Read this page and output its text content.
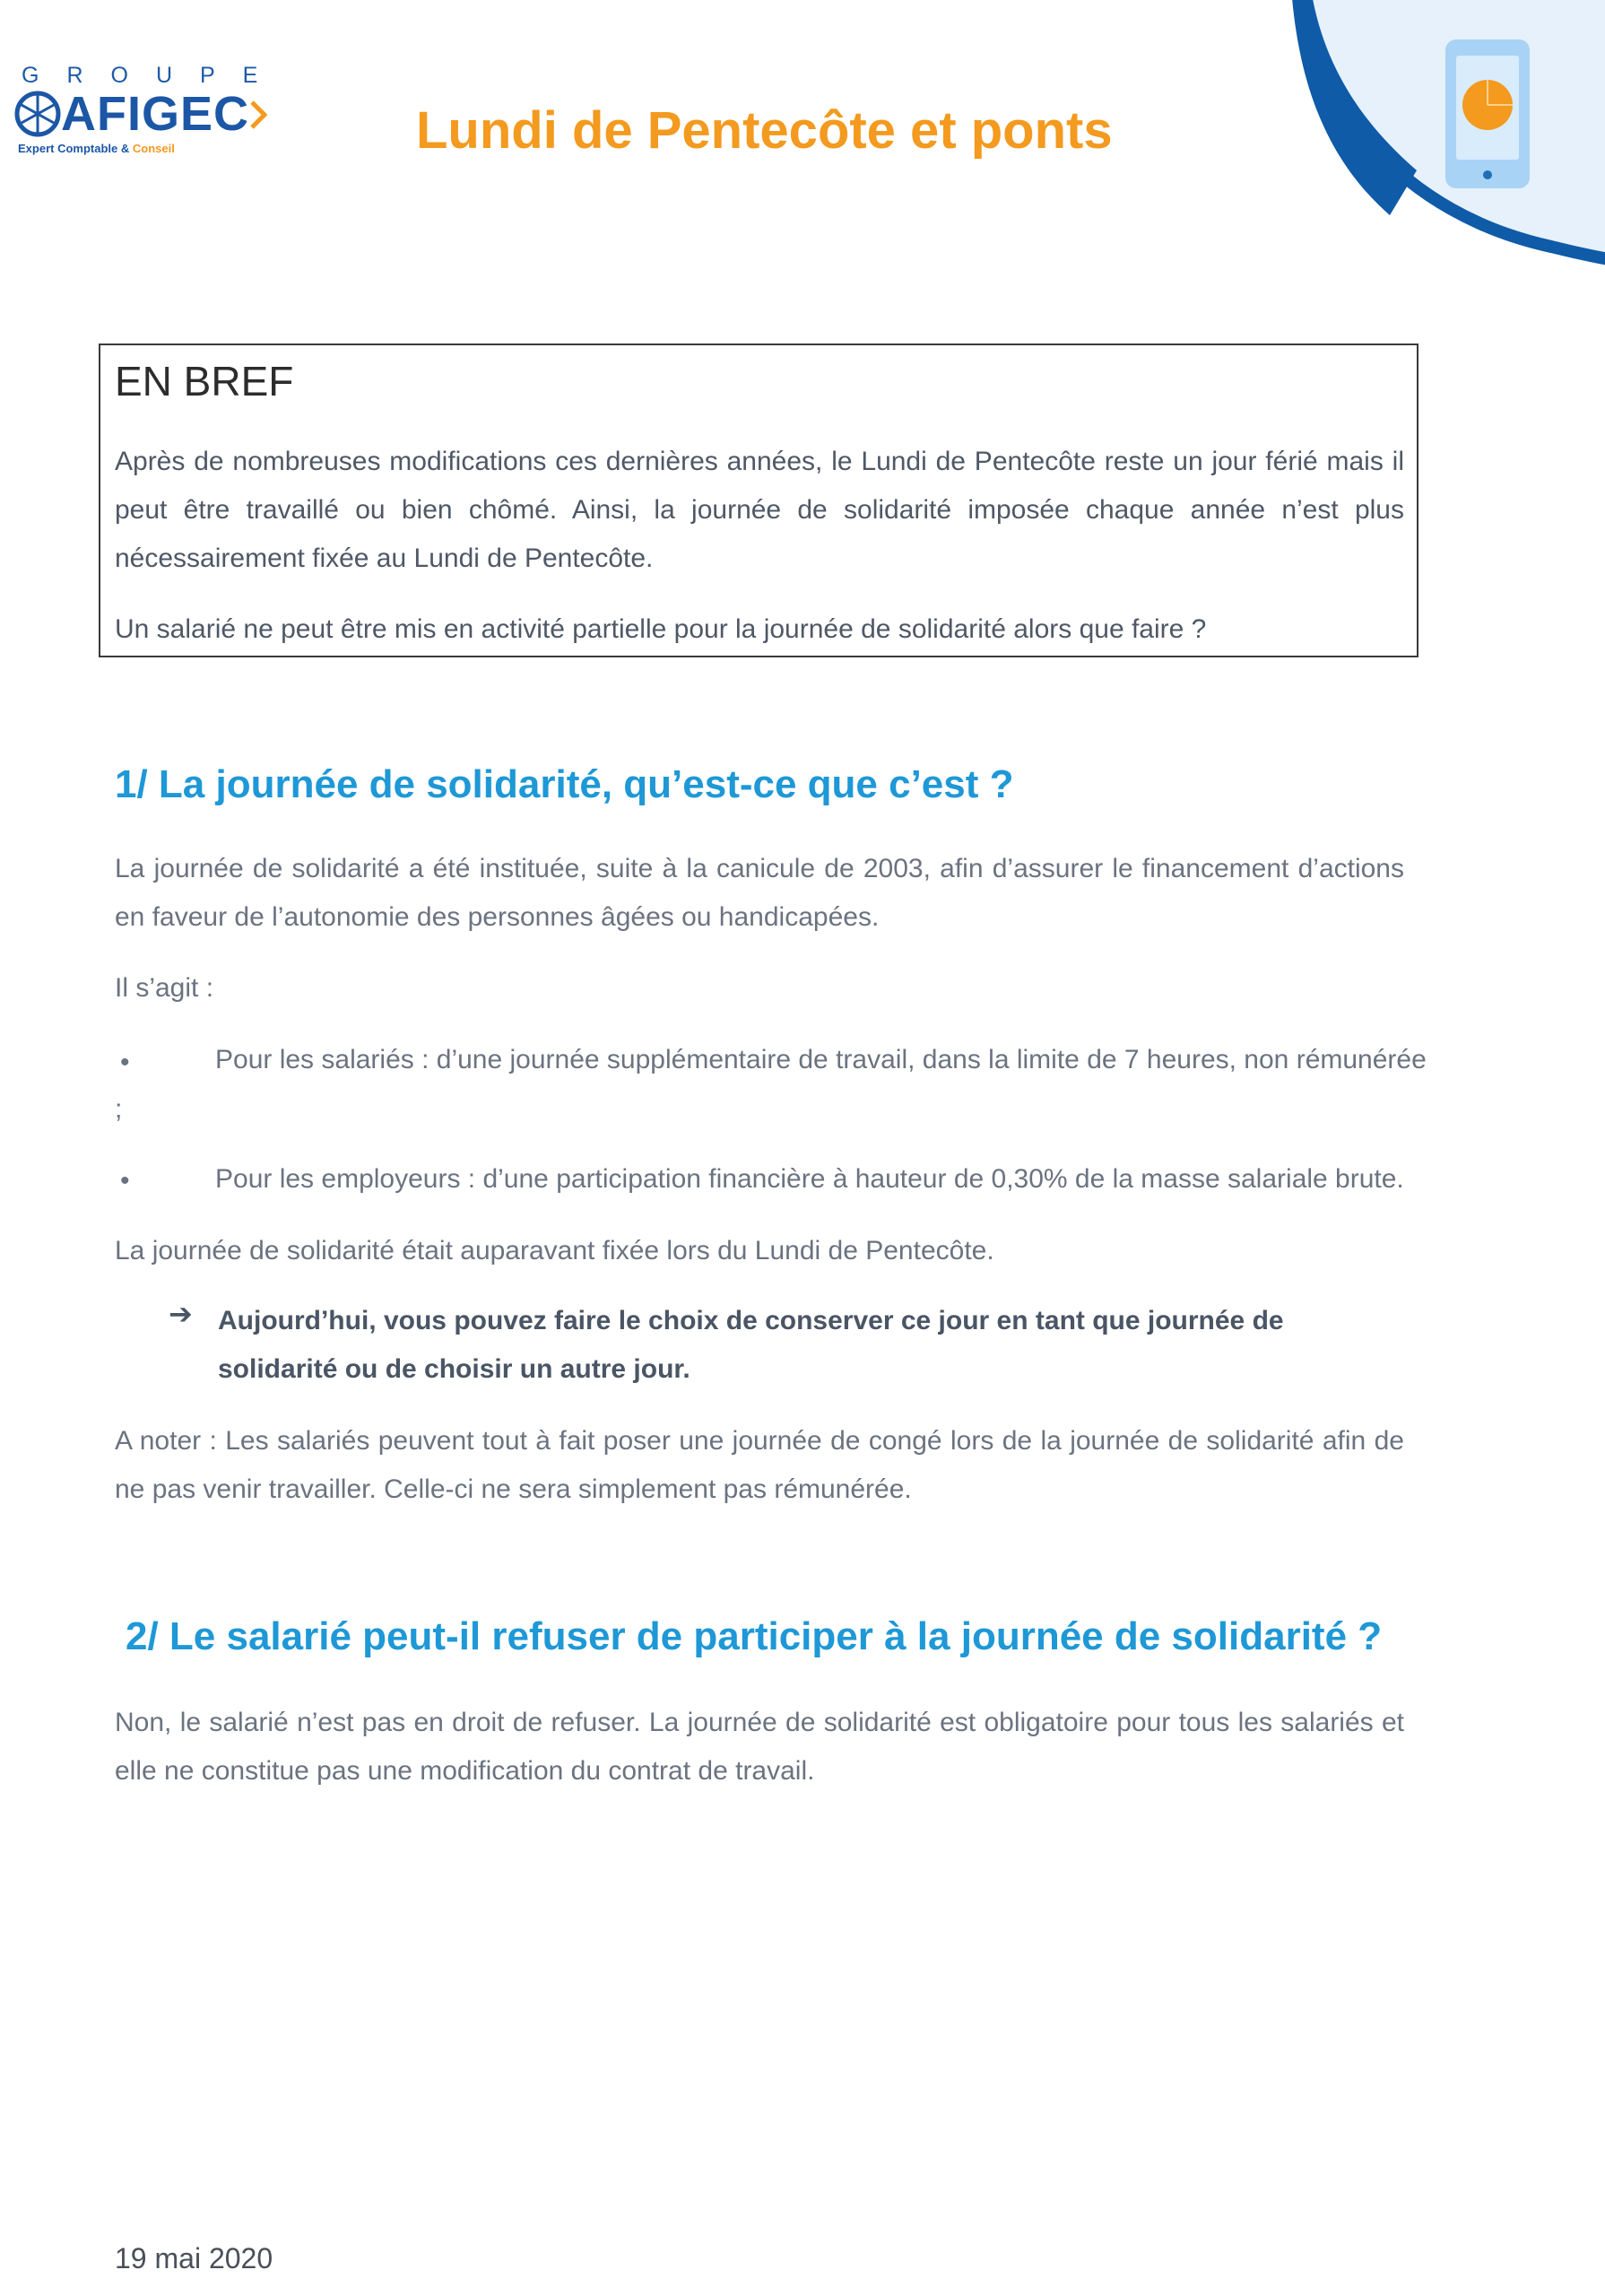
GROUPE
AFIGEC
Expert Comptable & Conseil	Lundi de Pentecôte et ponts
EN BREF
Après de nombreuses modifications ces dernières années, le Lundi de Pentecôte reste un jour férié mais il peut être travaillé ou bien chômé. Ainsi, la journée de solidarité imposée chaque année n’est plus nécessairement fixée au Lundi de Pentecôte.
Un salarié ne peut être mis en activité partielle pour la journée de solidarité alors que faire ?
1/ La journée de solidarité, qu’est-ce que c’est ?
La journée de solidarité a été instituée, suite à la canicule de 2003, afin d’assurer le financement d’actions en faveur de l’autonomie des personnes âgées ou handicapées.
Il s’agit :
•	Pour les salariés : d’une journée supplémentaire de travail, dans la limite de 7 heures, non rémunérée
;
•	Pour les employeurs : d’une participation financière à hauteur de 0,30% de la masse salariale brute.
La journée de solidarité était auparavant fixée lors du Lundi de Pentecôte.
➔ Aujourd’hui, vous pouvez faire le choix de conserver ce jour en tant que journée de solidarité ou de choisir un autre jour.
A noter : Les salariés peuvent tout à fait poser une journée de congé lors de la journée de solidarité afin de ne pas venir travailler. Celle-ci ne sera simplement pas rémunérée.
2/ Le salarié peut-il refuser de participer à la journée de solidarité ?
Non, le salarié n’est pas en droit de refuser. La journée de solidarité est obligatoire pour tous les salariés et elle ne constitue pas une modification du contrat de travail.
19 mai 2020
